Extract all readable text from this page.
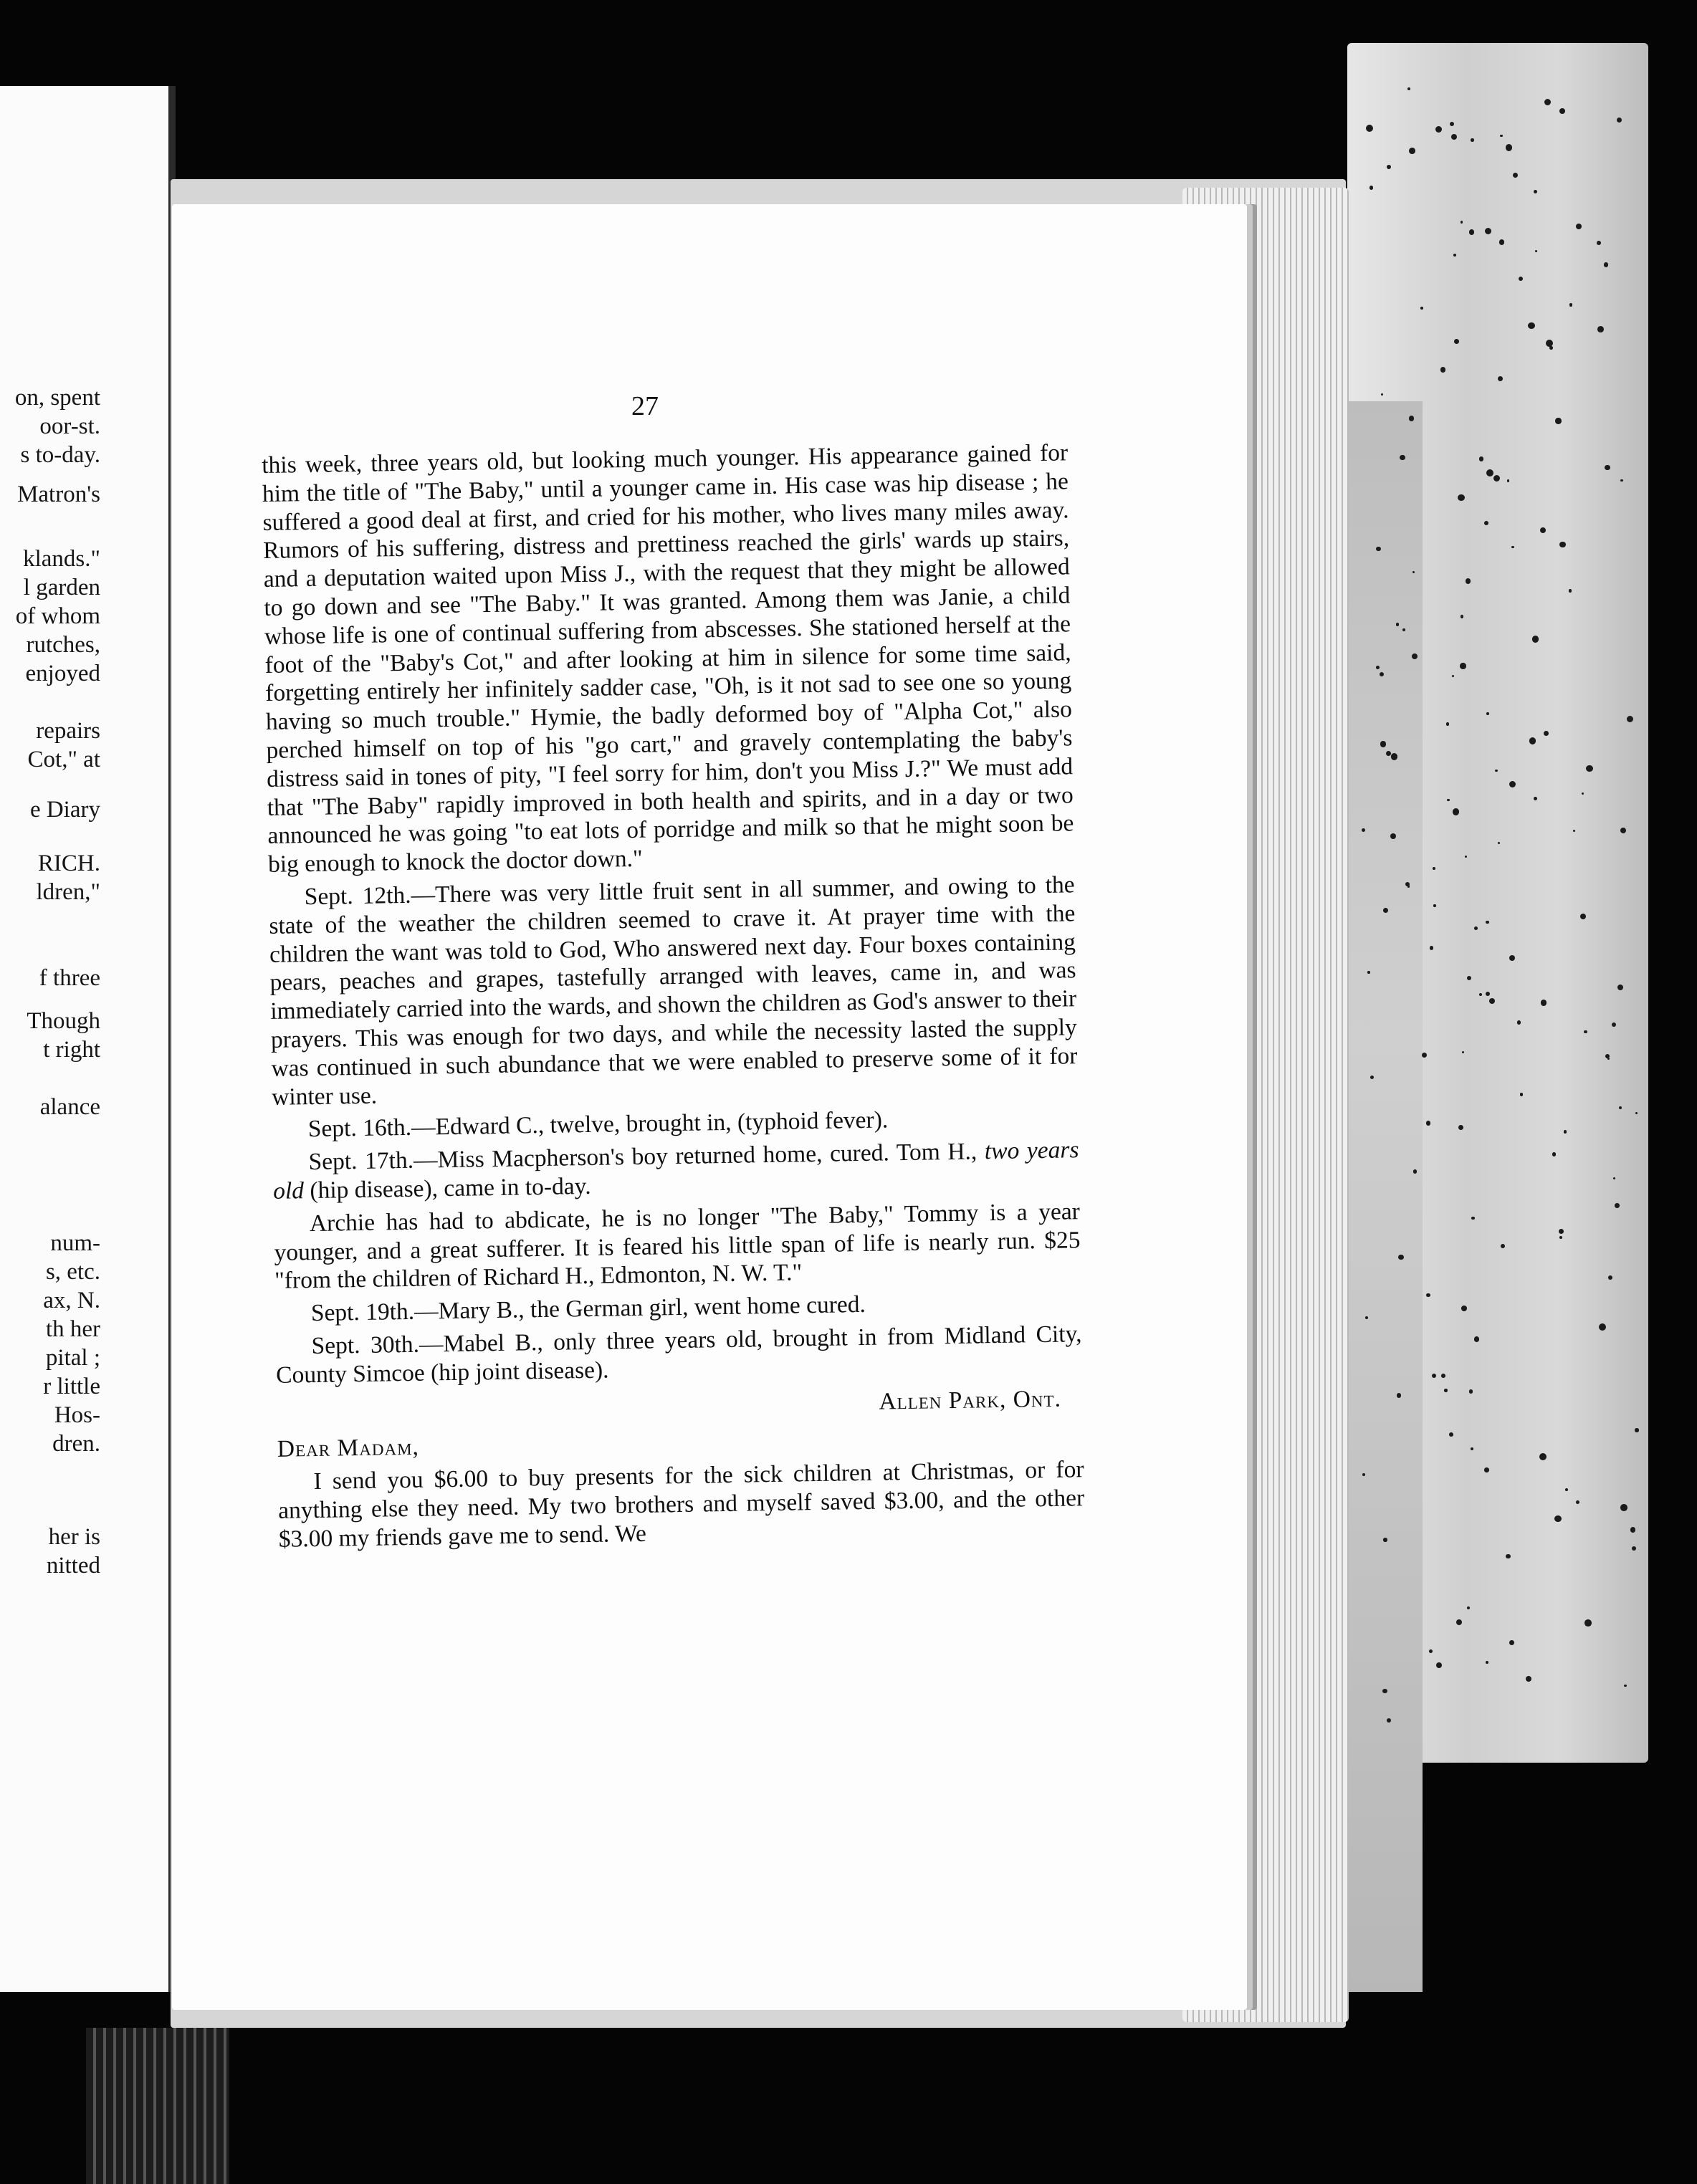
on, spent
oor-st.
s to-day.
Matron's
klands."
l garden
of whom
rutches,
enjoyed
repairs
Cot," at
e Diary
RICH.
ldren,"
f three
Though
t right
alance
num-
s, etc.
ax, N.
th her
pital ;
r little
Hos-
dren.
her is
nitted
27

this week, three years old, but looking much younger. His appearance gained for him the title of "The Baby," until a younger came in. His case was hip disease ; he suffered a good deal at first, and cried for his mother, who lives many miles away. Rumors of his suffering, distress and prettiness reached the girls' wards up stairs, and a deputation waited upon Miss J., with the request that they might be allowed to go down and see "The Baby." It was granted. Among them was Janie, a child whose life is one of continual suffering from abscesses. She stationed herself at the foot of the "Baby's Cot," and after looking at him in silence for some time said, forgetting entirely her infinitely sadder case, "Oh, is it not sad to see one so young having so much trouble." Hymie, the badly deformed boy of "Alpha Cot," also perched himself on top of his "go cart," and gravely contemplating the baby's distress said in tones of pity, "I feel sorry for him, don't you Miss J.?" We must add that "The Baby" rapidly improved in both health and spirits, and in a day or two announced he was going "to eat lots of porridge and milk so that he might soon be big enough to knock the doctor down."

Sept. 12th.—There was very little fruit sent in all summer, and owing to the state of the weather the children seemed to crave it. At prayer time with the children the want was told to God, Who answered next day. Four boxes containing pears, peaches and grapes, tastefully arranged with leaves, came in, and was immediately carried into the wards, and shown the children as God's answer to their prayers. This was enough for two days, and while the necessity lasted the supply was continued in such abundance that we were enabled to preserve some of it for winter use.

Sept. 16th.—Edward C., twelve, brought in, (typhoid fever).

Sept. 17th.—Miss Macpherson's boy returned home, cured. Tom H., two years old (hip disease), came in to-day.

Archie has had to abdicate, he is no longer "The Baby," Tommy is a year younger, and a great sufferer. It is feared his little span of life is nearly run. $25 "from the children of Richard H., Edmonton, N. W. T."

Sept. 19th.—Mary B., the German girl, went home cured.

Sept. 30th.—Mabel B., only three years old, brought in from Midland City, County Simcoe (hip joint disease).

Allen Park, Ont.

Dear Madam,

I send you $6.00 to buy presents for the sick children at Christmas, or for anything else they need. My two brothers and myself saved $3.00, and the other $3.00 my friends gave me to send. We
